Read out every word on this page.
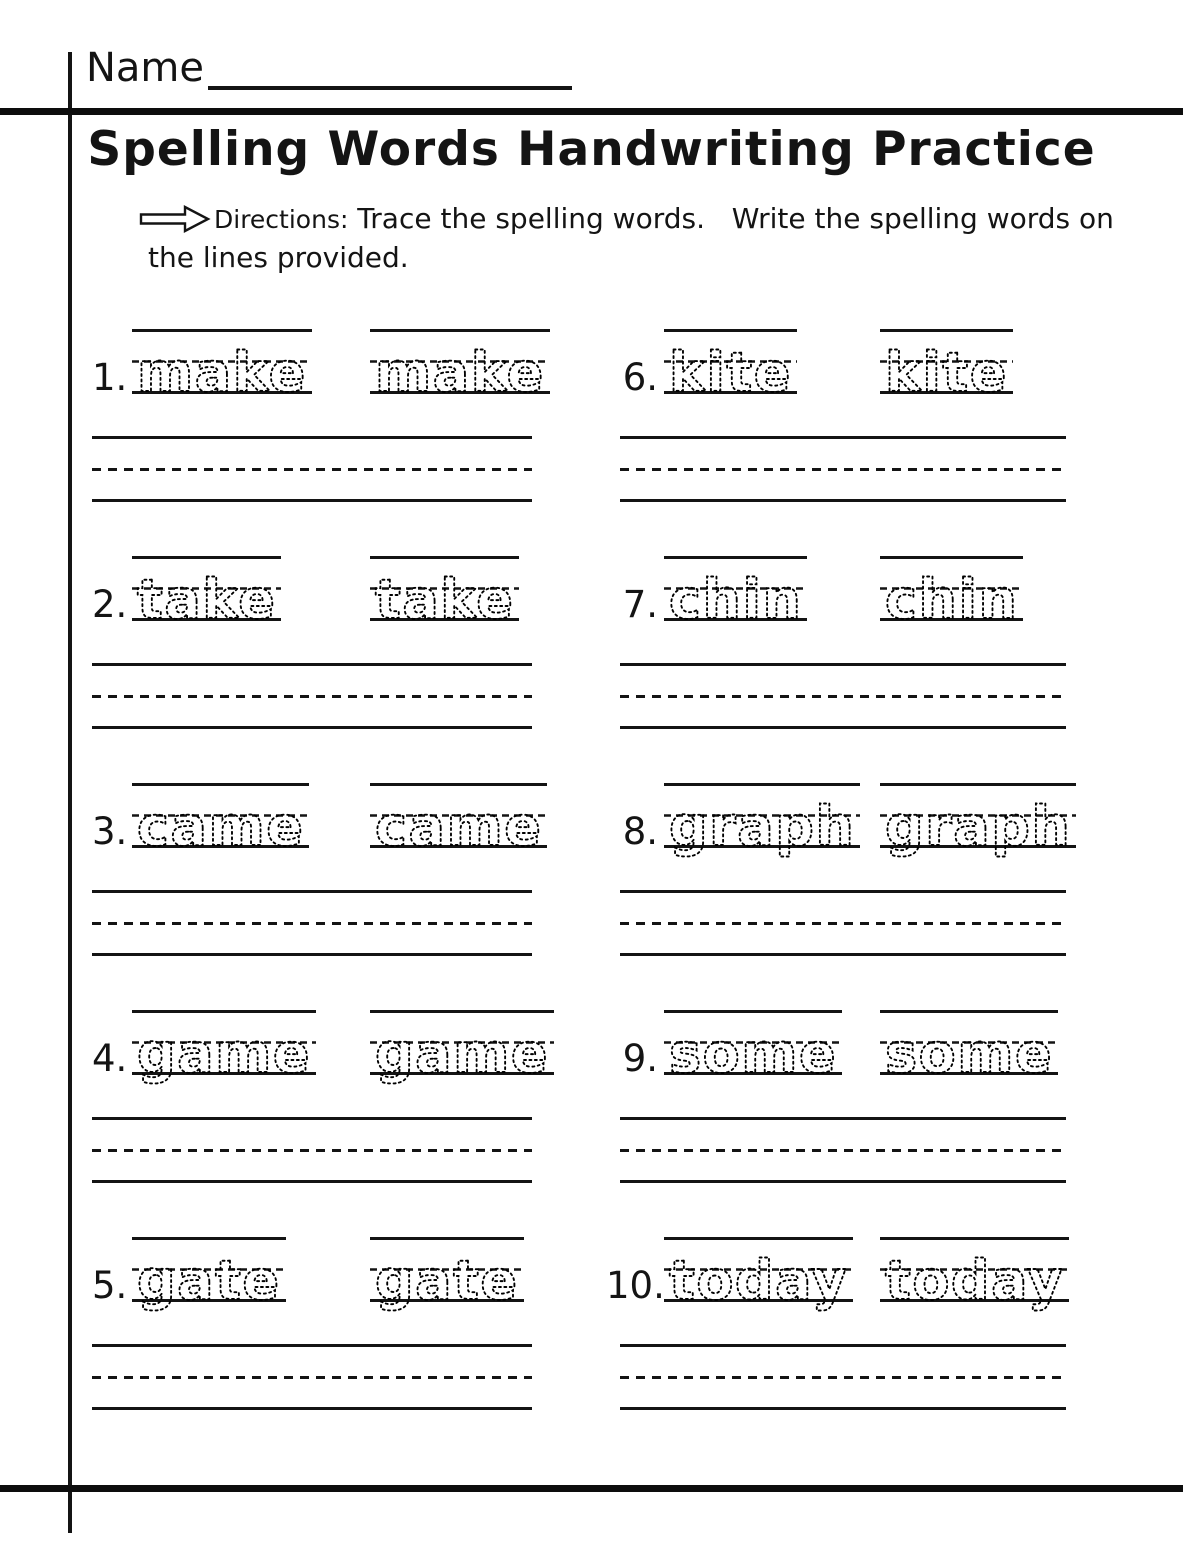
Name
Spelling Words Handwriting Practice
Directions:
Trace the spelling words.   Write the spelling words on
the lines provided.
1. make make
2. take take
3. came came
4. game game
5. gate gate
6. kite kite
7. chin chin
8. graph graph
9. some some
10. today today
